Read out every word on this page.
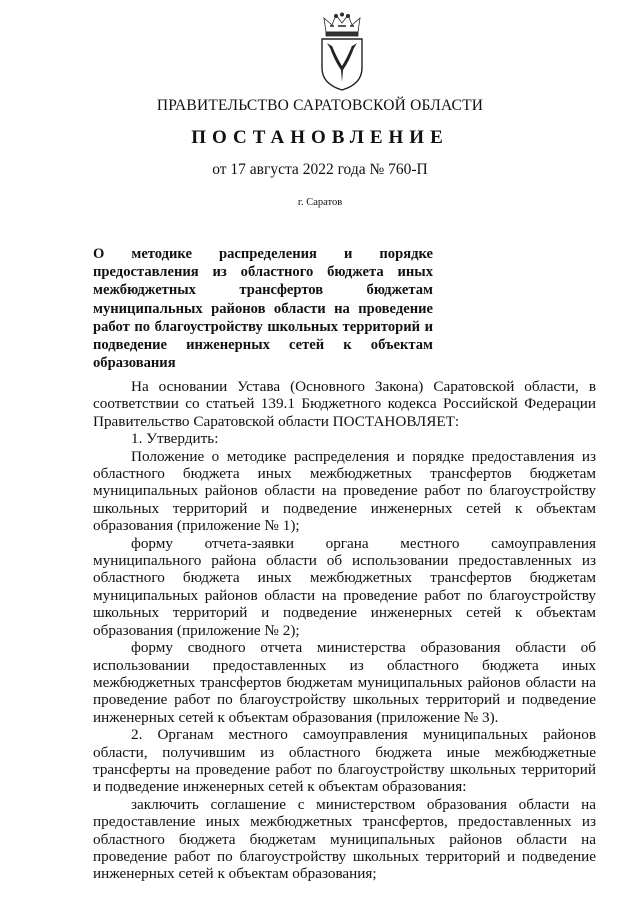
ПРАВИТЕЛЬСТВО САРАТОВСКОЙ ОБЛАСТИ
ПОСТАНОВЛЕНИЕ
от 17 августа 2022 года № 760-П
г. Саратов
О методике распределения и порядке предоставления из областного бюджета иных межбюджетных трансфертов бюджетам муниципальных районов области на проведение работ по благоустройству школьных территорий и подведение инженерных сетей к объектам образования

На основании Устава (Основного Закона) Саратовской области, в соответствии со статьей 139.1 Бюджетного кодекса Российской Федерации Правительство Саратовской области ПОСТАНОВЛЯЕТ:

1. Утвердить:

Положение о методике распределения и порядке предоставления из областного бюджета иных межбюджетных трансфертов бюджетам муниципальных районов области на проведение работ по благоустройству школьных территорий и подведение инженерных сетей к объектам образования (приложение № 1);

форму отчета-заявки органа местного самоуправления муниципального района области об использовании предоставленных из областного бюджета иных межбюджетных трансфертов бюджетам муниципальных районов области на проведение работ по благоустройству школьных территорий и подведение инженерных сетей к объектам образования (приложение № 2);

форму сводного отчета министерства образования области об использовании предоставленных из областного бюджета иных межбюджетных трансфертов бюджетам муниципальных районов области на проведение работ по благоустройству школьных территорий и подведение инженерных сетей к объектам образования (приложение № 3).

2. Органам местного самоуправления муниципальных районов области, получившим из областного бюджета иные межбюджетные трансферты на проведение работ по благоустройству школьных территорий и подведение инженерных сетей к объектам образования:

заключить соглашение с министерством образования области на предоставление иных межбюджетных трансфертов, предоставленных из областного бюджета бюджетам муниципальных районов области на проведение работ по благоустройству школьных территорий и подведение инженерных сетей к объектам образования;
